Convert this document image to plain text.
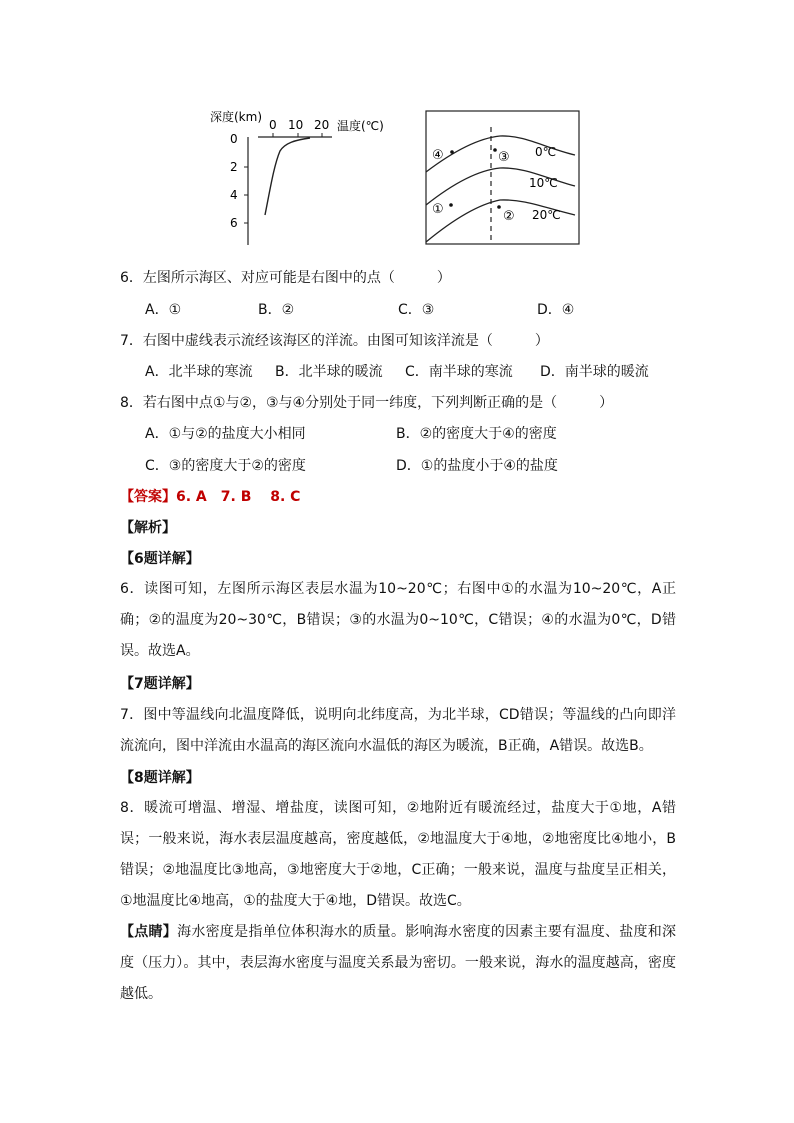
深度(km)
温度(℃)
0 10 20
0
2
4
6
0℃
10℃
20℃
④	③
①	②
6．左图所示海区、对应可能是右图中的点（　　　）
A．①	B．②	C．③	D．④
7．右图中虚线表示流经该海区的洋流。由图可知该洋流是（　　　）
A．北半球的寒流 B．北半球的暖流 C．南半球的寒流 D．南半球的暖流
8．若右图中点①与②，③与④分别处于同一纬度，下列判断正确的是（　　　）
A．①与②的盐度大小相同	B．②的密度大于④的密度
C．③的密度大于②的密度	D．①的盐度小于④的盐度
【答案】6. A　7. B　 8. C
【解析】
【6题详解】
6．读图可知，左图所示海区表层水温为10~20℃；右图中①的水温为10~20℃，A正确；②的温度为20~30℃，B错误；③的水温为0~10℃，C错误；④的水温为0℃，D错误。故选A。
【7题详解】
7．图中等温线向北温度降低，说明向北纬度高，为北半球，CD错误；等温线的凸向即洋流流向，图中洋流由水温高的海区流向水温低的海区为暖流，B正确，A错误。故选B。
【8题详解】
8．暖流可增温、增湿、增盐度，读图可知，②地附近有暖流经过，盐度大于①地，A错误；一般来说，海水表层温度越高，密度越低，②地温度大于④地，②地密度比④地小，B错误；②地温度比③地高，③地密度大于②地，C正确；一般来说，温度与盐度呈正相关，①地温度比④地高，①的盐度大于④地，D错误。故选C。
【点睛】海水密度是指单位体积海水的质量。影响海水密度的因素主要有温度、盐度和深度（压力）。其中，表层海水密度与温度关系最为密切。一般来说，海水的温度越高，密度越低。
